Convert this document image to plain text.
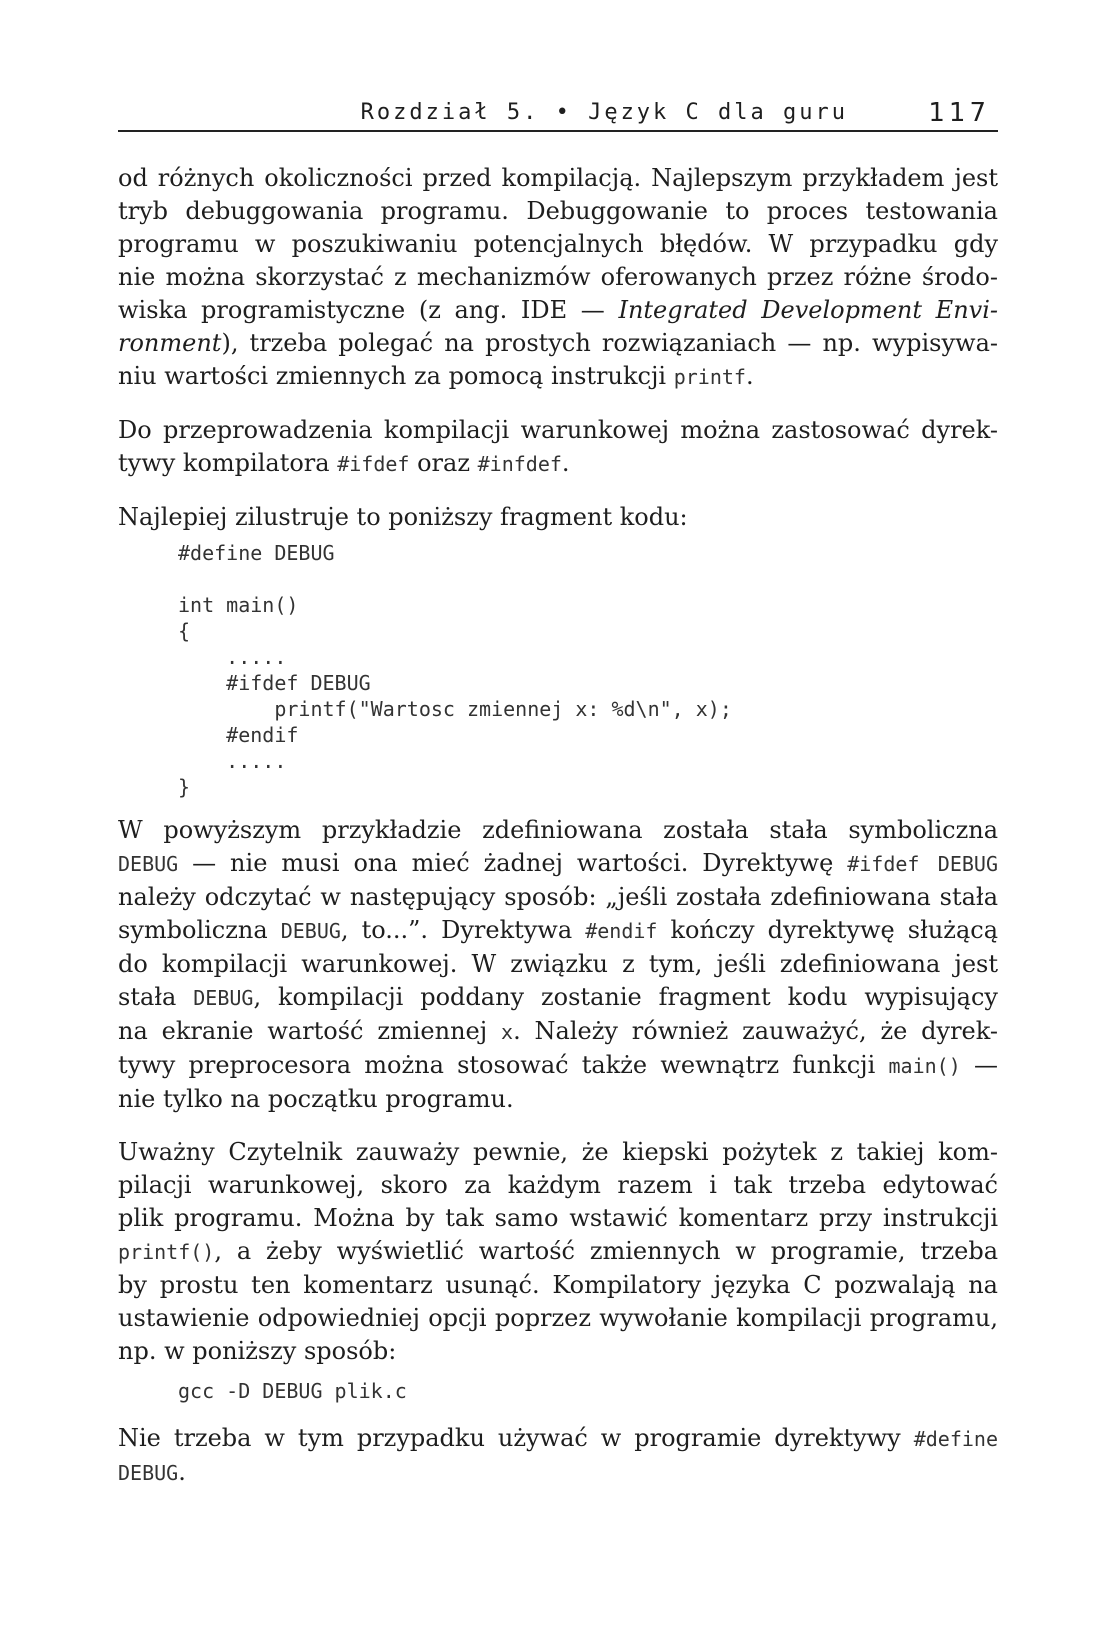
Rozdział 5. • Język C dla guru	117
od różnych okoliczności przed kompilacją. Najlepszym przykładem jest
tryb debuggowania programu. Debuggowanie to proces testowania
programu w poszukiwaniu potencjalnych błędów. W przypadku gdy
nie można skorzystać z mechanizmów oferowanych przez różne środo-
wiska programistyczne (z ang. IDE — Integrated Development Envi-
ronment), trzeba polegać na prostych rozwiązaniach — np. wypisywa-
niu wartości zmiennych za pomocą instrukcji printf.
Do przeprowadzenia kompilacji warunkowej można zastosować dyrek-
tywy kompilatora #ifdef oraz #infdef.
Najlepiej zilustruje to poniższy fragment kodu:
#define DEBUG

int main()
{
.....
#ifdef DEBUG
printf("Wartosc zmiennej x: %d\n", x);
#endif
.....
}
W powyższym przykładzie zdefiniowana została stała symboliczna
DEBUG — nie musi ona mieć żadnej wartości. Dyrektywę #ifdef DEBUG
należy odczytać w następujący sposób: „jeśli została zdefiniowana stała
symboliczna DEBUG, to...”. Dyrektywa #endif kończy dyrektywę służącą
do kompilacji warunkowej. W związku z tym, jeśli zdefiniowana jest
stała DEBUG, kompilacji poddany zostanie fragment kodu wypisujący
na ekranie wartość zmiennej x. Należy również zauważyć, że dyrek-
tywy preprocesora można stosować także wewnątrz funkcji main() —
nie tylko na początku programu.
Uważny Czytelnik zauważy pewnie, że kiepski pożytek z takiej kom-
pilacji warunkowej, skoro za każdym razem i tak trzeba edytować
plik programu. Można by tak samo wstawić komentarz przy instrukcji
printf(), a żeby wyświetlić wartość zmiennych w programie, trzeba
by prostu ten komentarz usunąć. Kompilatory języka C pozwalają na
ustawienie odpowiedniej opcji poprzez wywołanie kompilacji programu,
np. w poniższy sposób:
gcc -D DEBUG plik.c
Nie trzeba w tym przypadku używać w programie dyrektywy #define
DEBUG.
